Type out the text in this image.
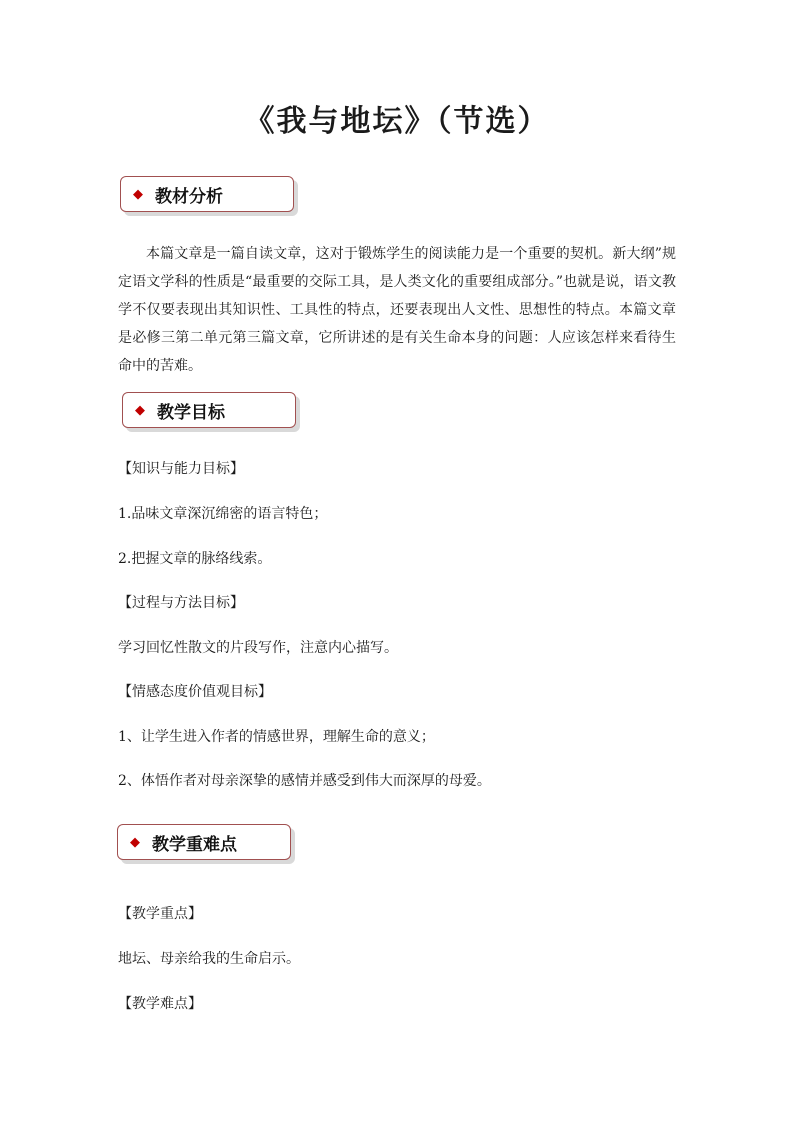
《我与地坛》（节选）
◆ 教材分析
本篇文章是一篇自读文章，这对于锻炼学生的阅读能力是一个重要的契机。新大纲”规定语文学科的性质是“最重要的交际工具，是人类文化的重要组成部分。”也就是说，语文教学不仅要表现出其知识性、工具性的特点，还要表现出人文性、思想性的特点。本篇文章是必修三第二单元第三篇文章，它所讲述的是有关生命本身的问题：人应该怎样来看待生命中的苦难。
◆ 教学目标
【知识与能力目标】
1.品味文章深沉绵密的语言特色；
2.把握文章的脉络线索。
【过程与方法目标】
学习回忆性散文的片段写作，注意内心描写。
【情感态度价值观目标】
1、让学生进入作者的情感世界，理解生命的意义；
2、体悟作者对母亲深挚的感情并感受到伟大而深厚的母爱。
◆ 教学重难点
【教学重点】
地坛、母亲给我的生命启示。
【教学难点】
